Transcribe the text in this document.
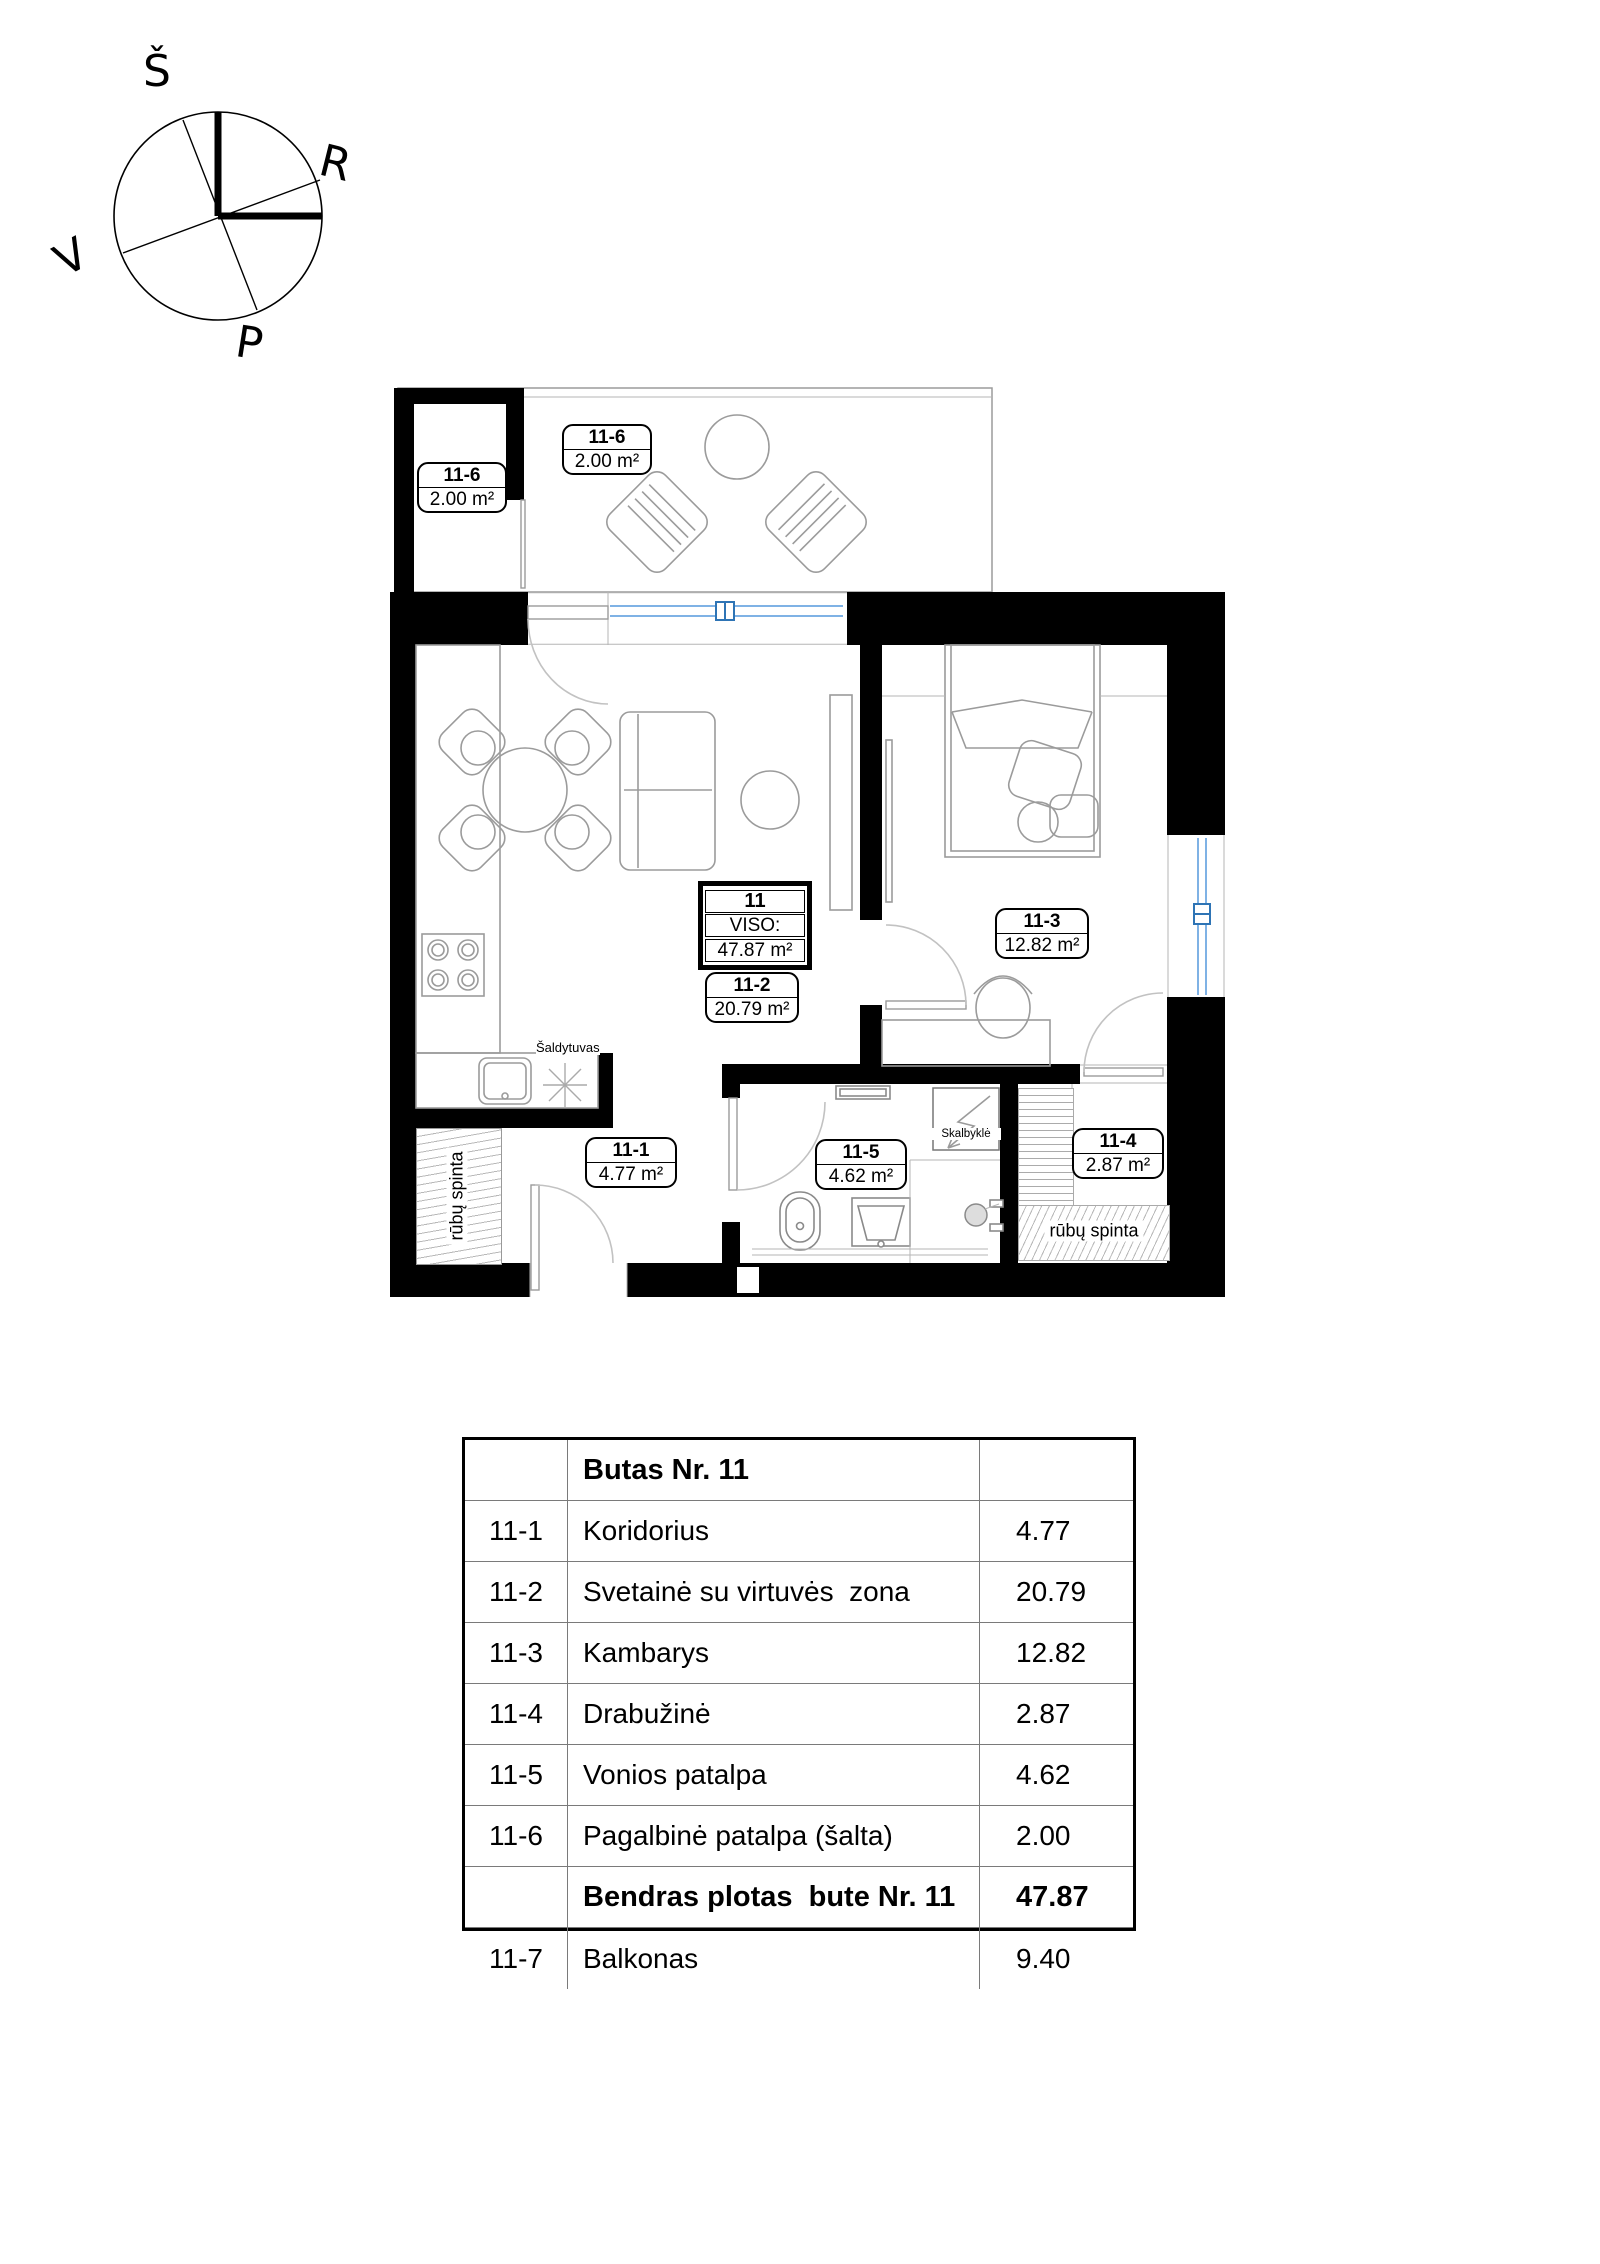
Š
R
V
P
Šaldytuvas
Skalbyklė
rūbų spinta	rūbų spinta
11-6
2.00 m²
11-6
2.00 m²
11
VISO:
47.87 m²
11-2
20.79 m²
11-3
12.82 m²
11-1
4.77 m²
11-5
4.62 m²
11-4
2.87 m²
Butas Nr. 11
11-1	Koridorius	4.77
11-2	Svetainė su virtuvės  zona	20.79
11-3	Kambarys	12.82
11-4	Drabužinė	2.87
11-5	Vonios patalpa	4.62
11-6	Pagalbinė patalpa (šalta)	2.00
Bendras plotas  bute Nr. 11	47.87
11-7	Balkonas	9.40
